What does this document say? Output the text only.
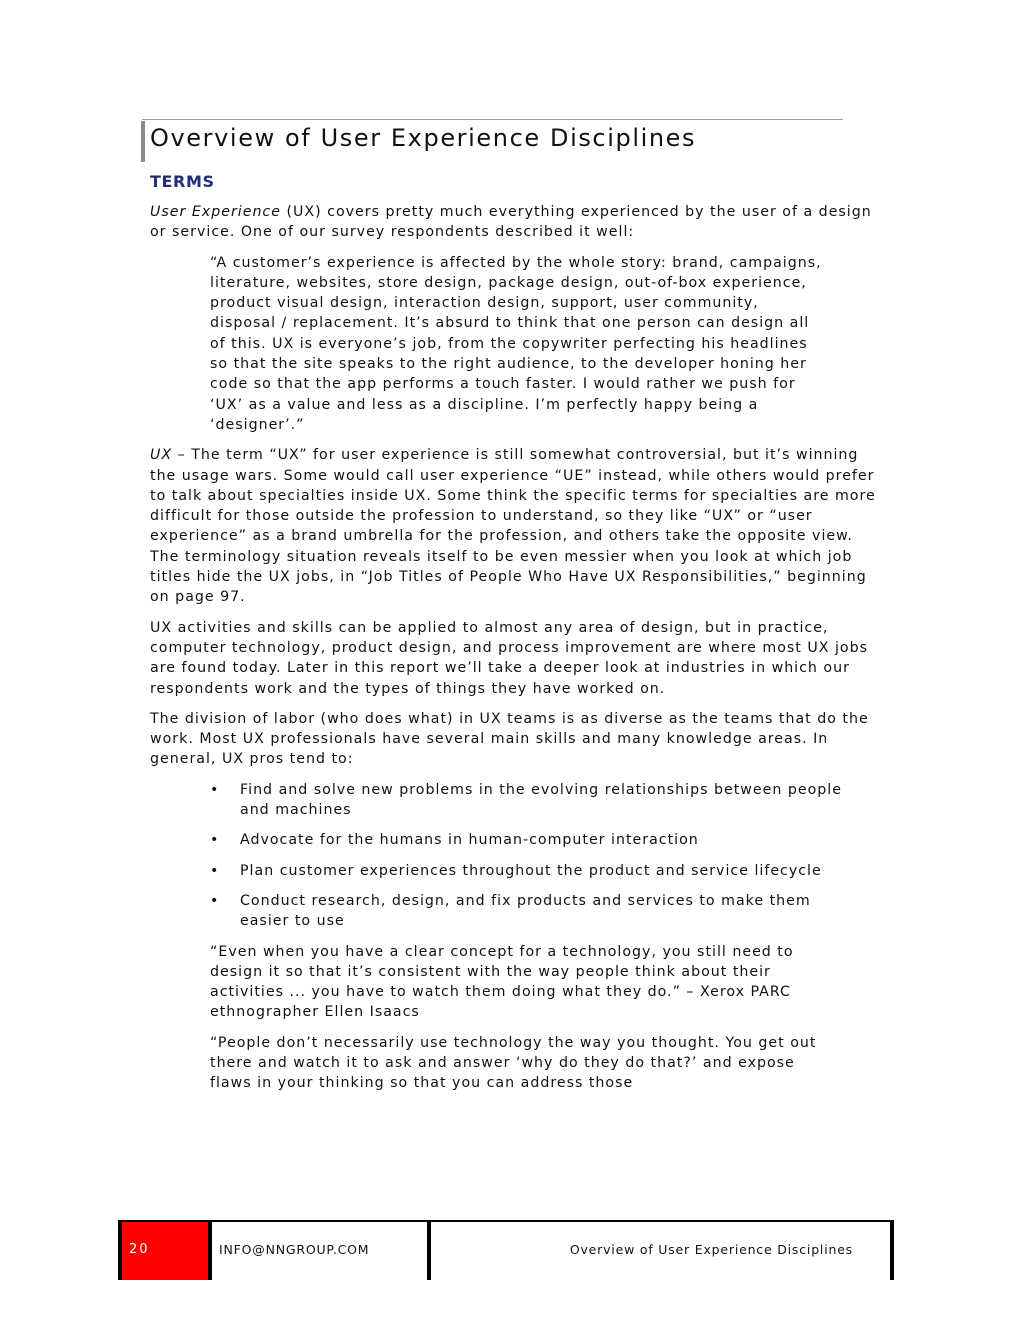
Overview of User Experience Disciplines
TERMS

User Experience (UX) covers pretty much everything experienced by the user of a design or service. One of our survey respondents described it well:

“A customer’s experience is affected by the whole story: brand, campaigns, literature, websites, store design, package design, out-of-box experience, product visual design, interaction design, support, user community, disposal / replacement. It’s absurd to think that one person can design all of this. UX is everyone’s job, from the copywriter perfecting his headlines so that the site speaks to the right audience, to the developer honing her code so that the app performs a touch faster. I would rather we push for ‘UX’ as a value and less as a discipline. I’m perfectly happy being a ‘designer’.”

UX – The term “UX” for user experience is still somewhat controversial, but it’s winning the usage wars. Some would call user experience “UE” instead, while others would prefer to talk about specialties inside UX. Some think the specific terms for specialties are more difficult for those outside the profession to understand, so they like “UX” or “user experience” as a brand umbrella for the profession, and others take the opposite view. The terminology situation reveals itself to be even messier when you look at which job titles hide the UX jobs, in “Job Titles of People Who Have UX Responsibilities,” beginning on page 97.

UX activities and skills can be applied to almost any area of design, but in practice, computer technology, product design, and process improvement are where most UX jobs are found today. Later in this report we’ll take a deeper look at industries in which our respondents work and the types of things they have worked on.

The division of labor (who does what) in UX teams is as diverse as the teams that do the work. Most UX professionals have several main skills and many knowledge areas. In general, UX pros tend to:

• Find and solve new problems in the evolving relationships between people and machines
• Advocate for the humans in human-computer interaction
• Plan customer experiences throughout the product and service lifecycle
• Conduct research, design, and fix products and services to make them easier to use

“Even when you have a clear concept for a technology, you still need to design it so that it’s consistent with the way people think about their activities ... you have to watch them doing what they do.” – Xerox PARC ethnographer Ellen Isaacs

“People don’t necessarily use technology the way you thought. You get out there and watch it to ask and answer ‘why do they do that?’ and expose flaws in your thinking so that you can address those

20	INFO@NNGROUP.COM	Overview of User Experience Disciplines
